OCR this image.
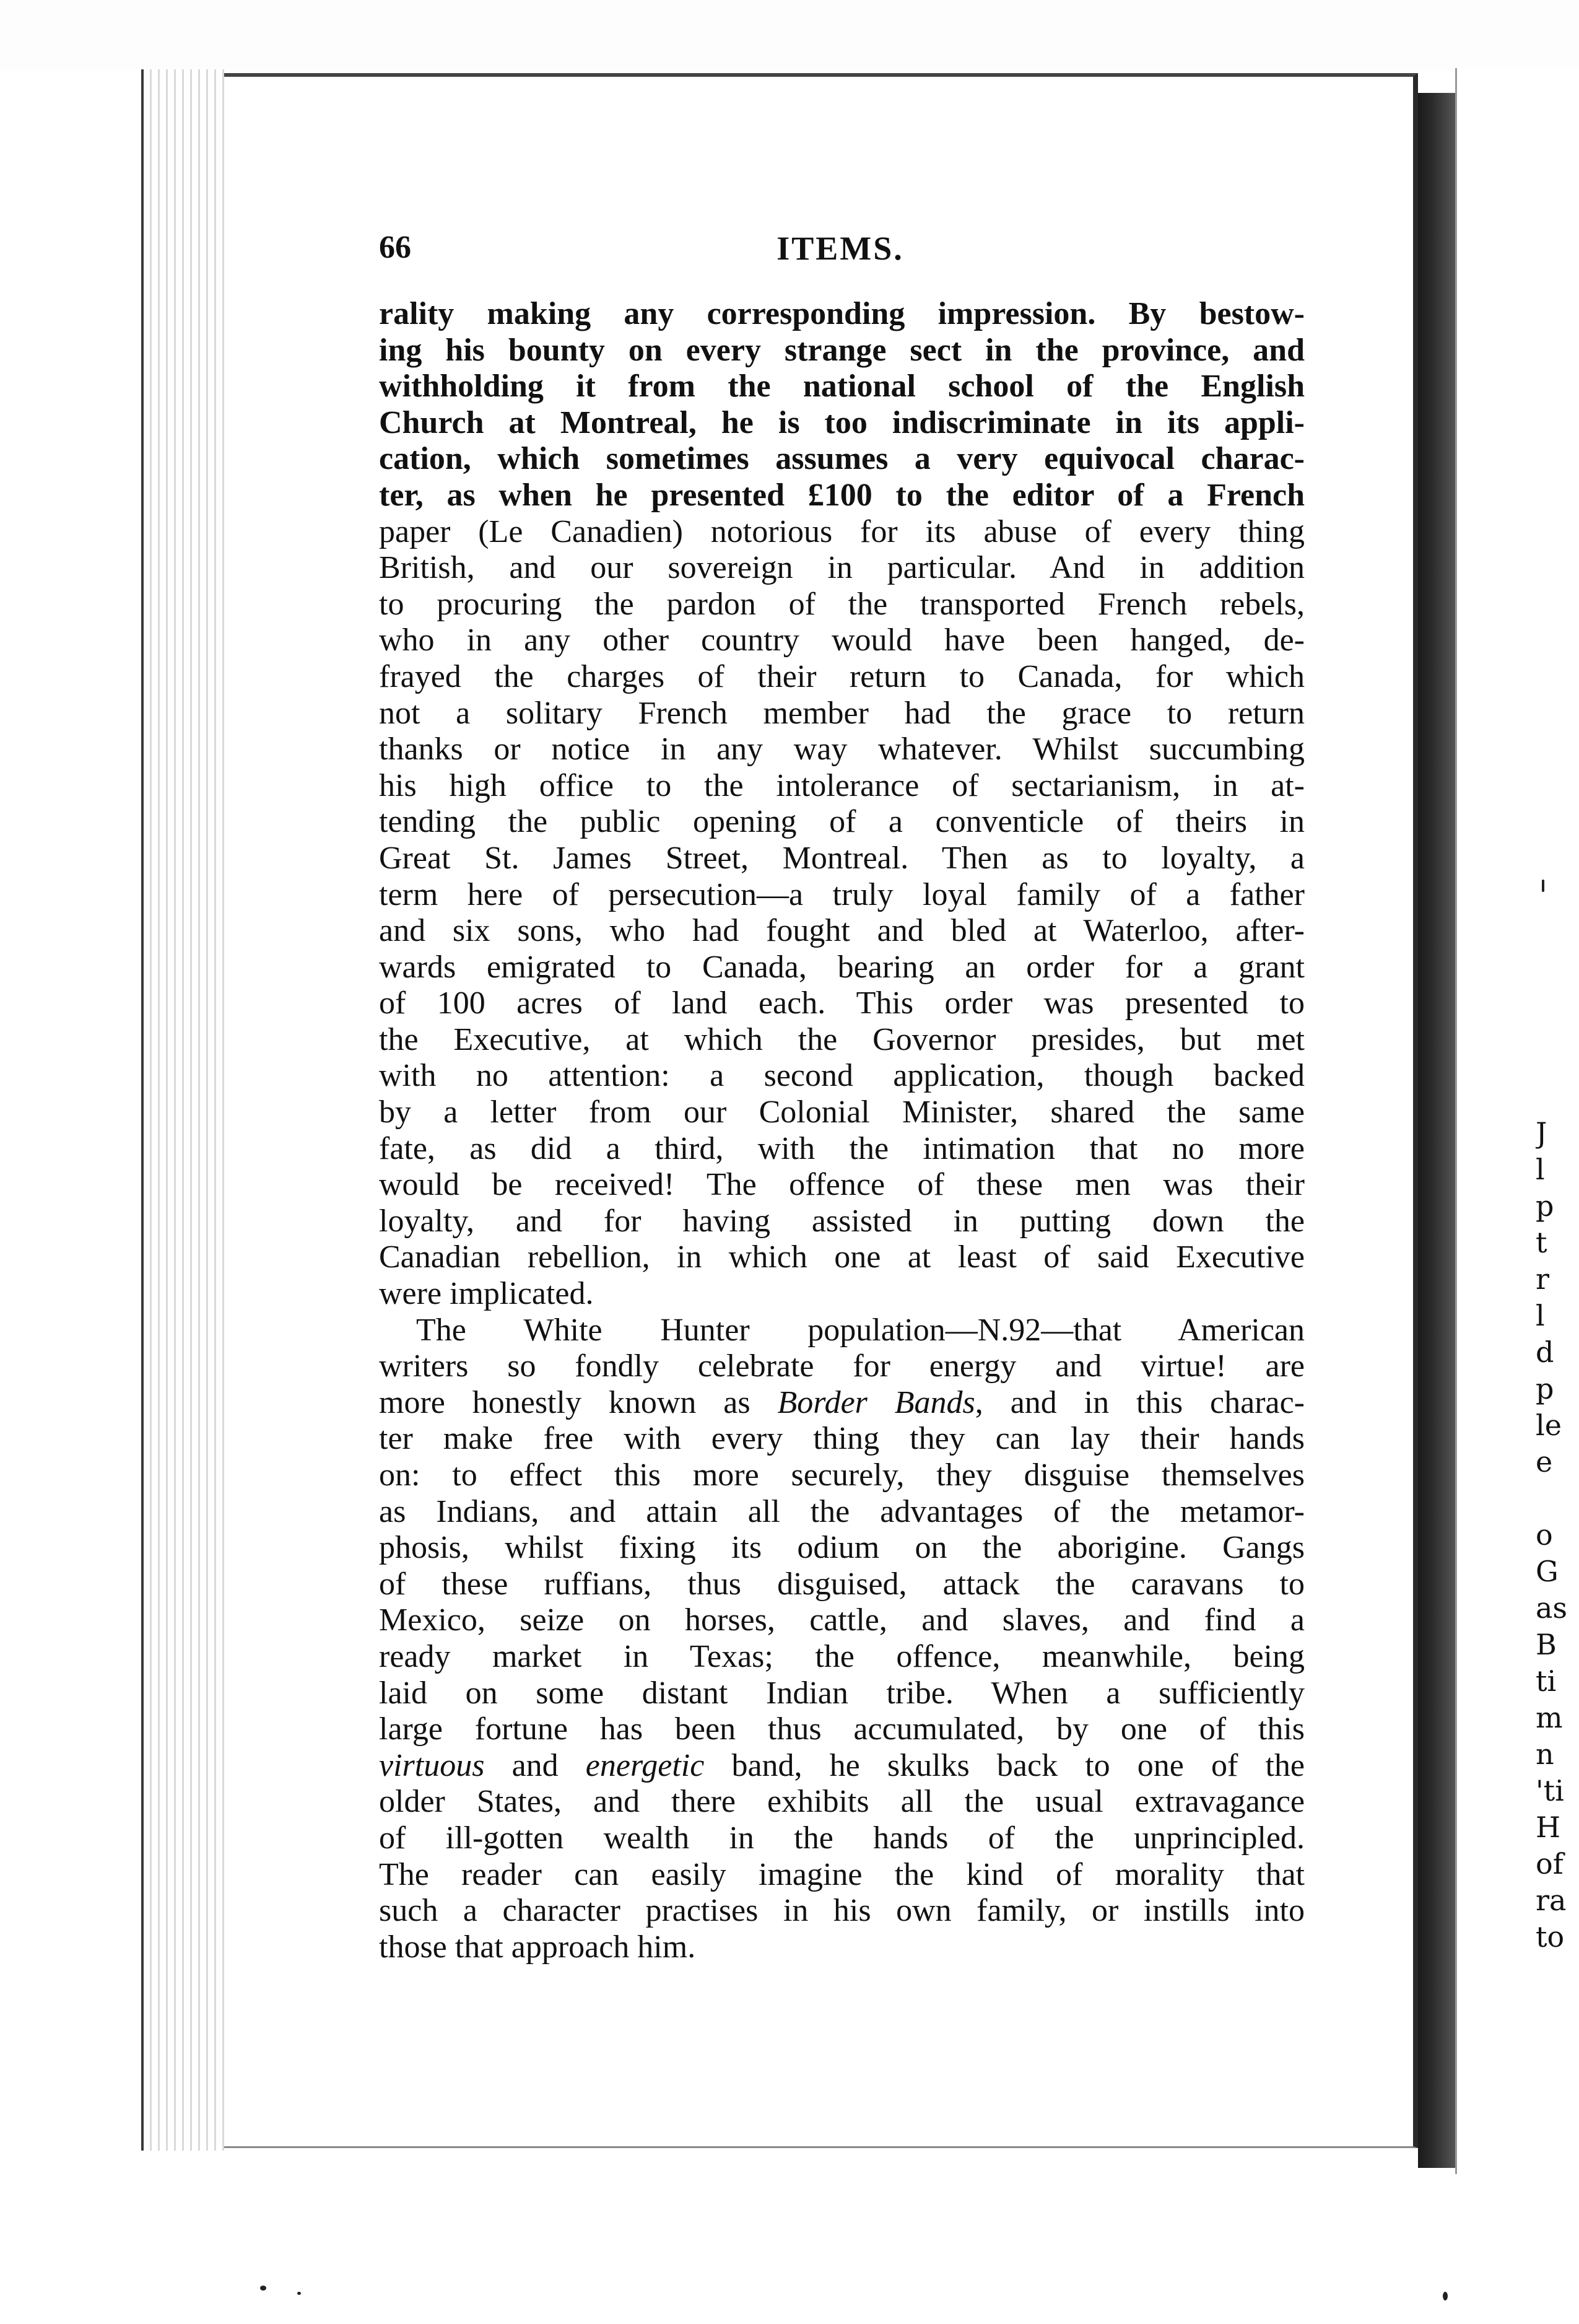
J
l
p
t
r
l
d
p
le
e
o
G
as
B
ti
m
n
'ti
H
of
ra
to
66	ITEMS.
rality making any corresponding impression. By bestow-
ing his bounty on every strange sect in the province, and
withholding it from the national school of the English
Church at Montreal, he is too indiscriminate in its appli-
cation, which sometimes assumes a very equivocal charac-
ter, as when he presented £100 to the editor of a French
paper (Le Canadien) notorious for its abuse of every thing
British, and our sovereign in particular. And in addition
to procuring the pardon of the transported French rebels,
who in any other country would have been hanged, de-
frayed the charges of their return to Canada, for which
not a solitary French member had the grace to return
thanks or notice in any way whatever. Whilst succumbing
his high office to the intolerance of sectarianism, in at-
tending the public opening of a conventicle of theirs in
Great St. James Street, Montreal. Then as to loyalty, a
term here of persecution—a truly loyal family of a father
and six sons, who had fought and bled at Waterloo, after-
wards emigrated to Canada, bearing an order for a grant
of 100 acres of land each. This order was presented to
the Executive, at which the Governor presides, but met
with no attention: a second application, though backed
by a letter from our Colonial Minister, shared the same
fate, as did a third, with the intimation that no more
would be received! The offence of these men was their
loyalty, and for having assisted in putting down the
Canadian rebellion, in which one at least of said Executive
were implicated.
The White Hunter population—N.92—that American
writers so fondly celebrate for energy and virtue! are
more honestly known as Border Bands, and in this charac-
ter make free with every thing they can lay their hands
on: to effect this more securely, they disguise themselves
as Indians, and attain all the advantages of the metamor-
phosis, whilst fixing its odium on the aborigine. Gangs
of these ruffians, thus disguised, attack the caravans to
Mexico, seize on horses, cattle, and slaves, and find a
ready market in Texas; the offence, meanwhile, being
laid on some distant Indian tribe. When a sufficiently
large fortune has been thus accumulated, by one of this
virtuous and energetic band, he skulks back to one of the
older States, and there exhibits all the usual extravagance
of ill-gotten wealth in the hands of the unprincipled.
The reader can easily imagine the kind of morality that
such a character practises in his own family, or instills into
those that approach him.
